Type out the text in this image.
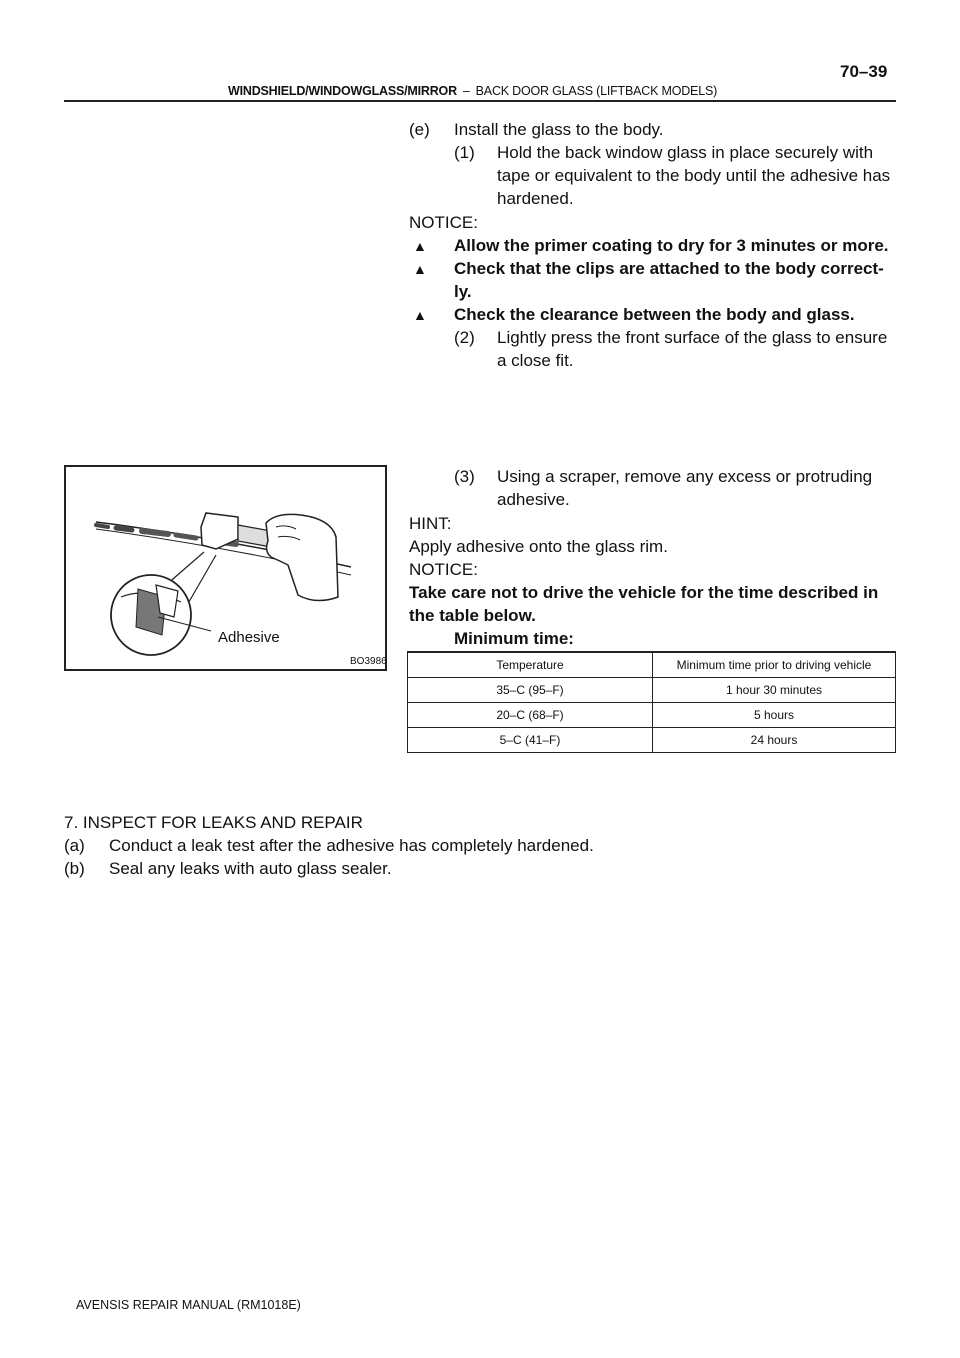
70–39
WINDSHIELD/WINDOWGLASS/MIRROR – BACK DOOR GLASS (LIFTBACK MODELS)
(e) Install the glass to the body.
(1) Hold the back window glass in place securely with
tape or equivalent to the body until the adhesive has
hardened.
NOTICE:
▲ Allow the primer coating to dry for 3 minutes or more.
▲ Check that the clips are attached to the body correct-
ly.
▲ Check the clearance between the body and glass.
(2) Lightly press the front surface of the glass to ensure
a close fit.
(3) Using a scraper, remove any excess or protruding
adhesive.
HINT:
Apply adhesive onto the glass rim.
NOTICE:
Take care not to drive the vehicle for the time described in
the table below.
Minimum time:
Adhesive
BO3986	Temperature	Minimum time prior to driving vehicle
35–C (95–F)	1 hour 30 minutes
20–C (68–F)	5 hours
5–C (41–F)	24 hours
7. INSPECT FOR LEAKS AND REPAIR
(a) Conduct a leak test after the adhesive has completely hardened.
(b) Seal any leaks with auto glass sealer.
AVENSIS REPAIR MANUAL (RM1018E)
